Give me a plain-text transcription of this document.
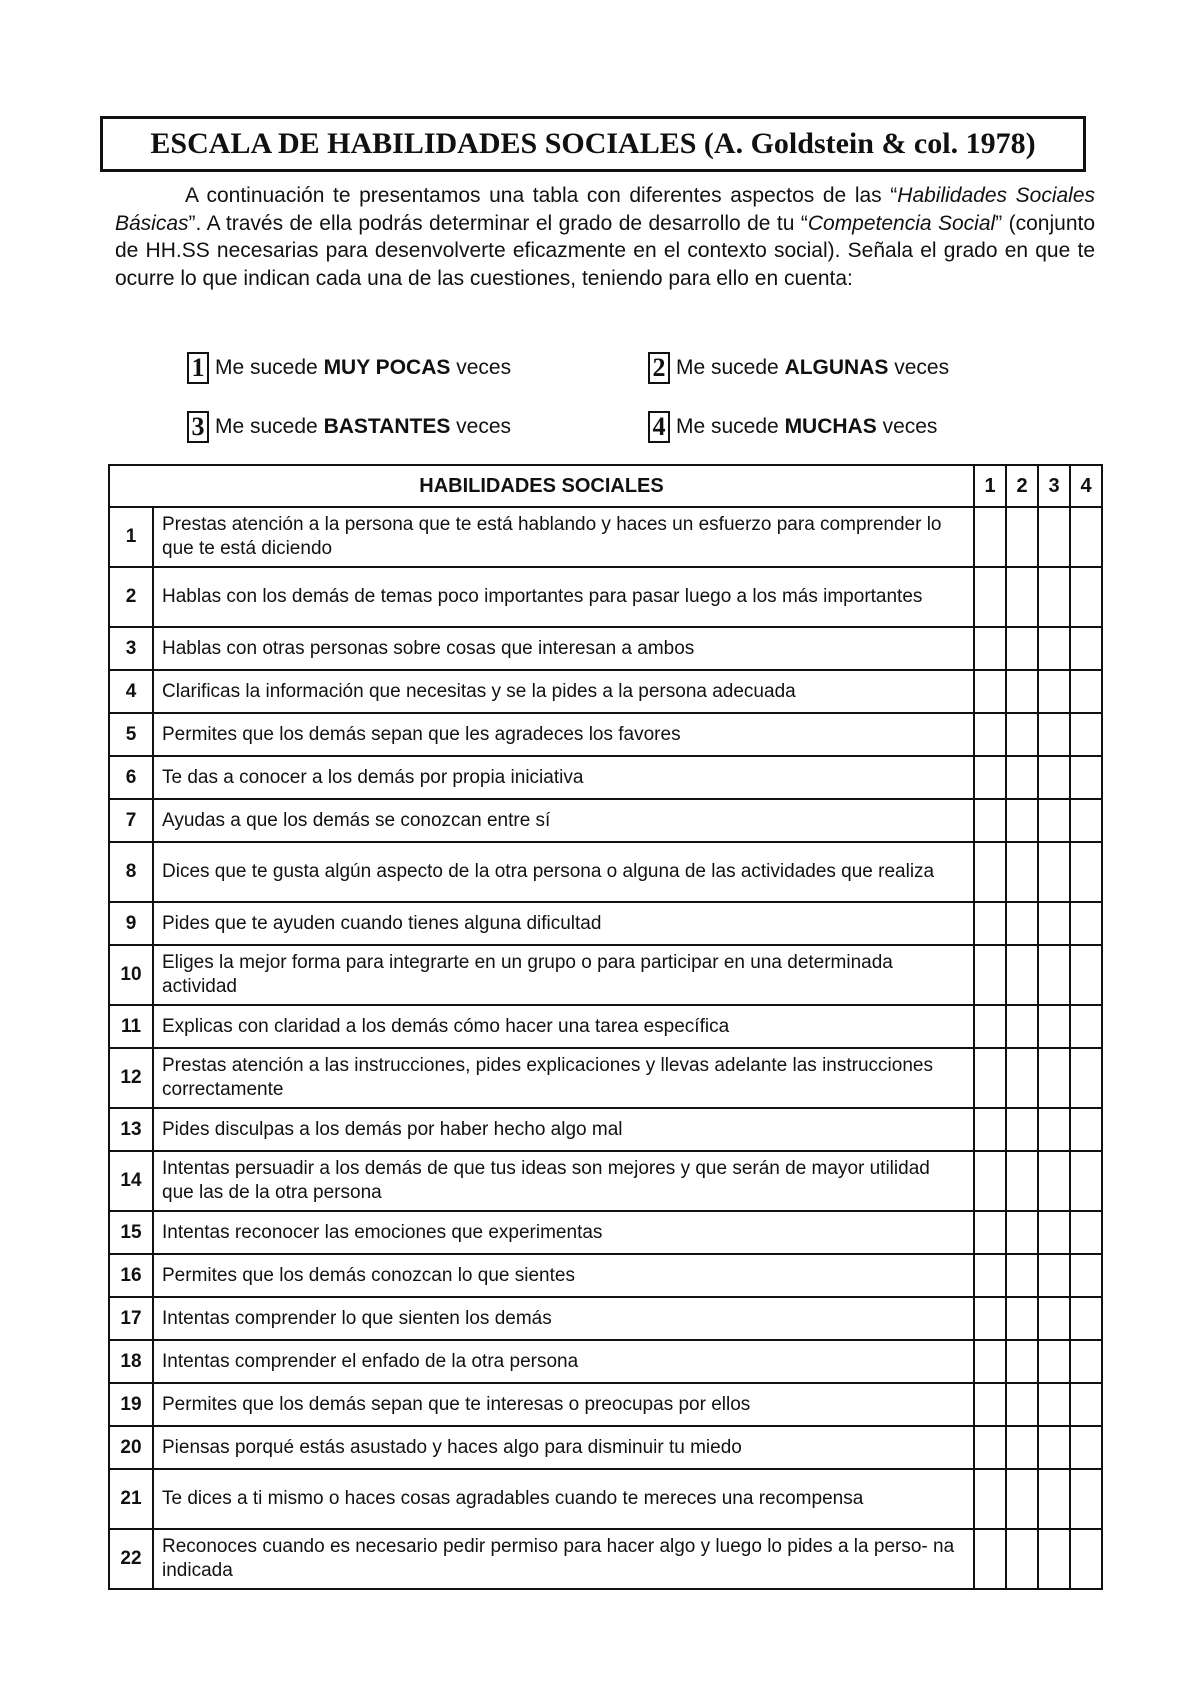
ESCALA DE HABILIDADES SOCIALES (A. Goldstein & col. 1978)
A continuación te presentamos una tabla con diferentes aspectos de las “Habilidades Sociales Básicas”. A través de ella podrás determinar el grado de desarrollo de tu “Competencia Social” (conjunto de HH.SS necesarias para desenvolverte eficazmente en el contexto social). Señala el grado en que te ocurre lo que indican cada una de las cuestiones, teniendo para ello en cuenta:
1 Me sucede MUY POCAS veces	2 Me sucede ALGUNAS veces
3 Me sucede BASTANTES veces	4 Me sucede MUCHAS veces
HABILIDADES SOCIALES		1	2	3	4
1	Prestas atención a la persona que te está hablando y haces un esfuerzo para comprender lo que te está diciendo				
2	Hablas con los demás de temas poco importantes para pasar luego a los más importantes				
3	Hablas con otras personas sobre cosas que interesan a ambos				
4	Clarificas la información que necesitas y se la pides a la persona adecuada				
5	Permites que los demás sepan que les agradeces los favores				
6	Te das a conocer a los demás por propia iniciativa				
7	Ayudas a que los demás se conozcan entre sí				
8	Dices que te gusta algún aspecto de la otra persona o alguna de las actividades que realiza				
9	Pides que te ayuden cuando tienes alguna dificultad				
10	Eliges la mejor forma para integrarte en un grupo o para participar en una determinada actividad				
11	Explicas con claridad a los demás cómo hacer una tarea específica				
12	Prestas atención a las instrucciones, pides explicaciones y llevas adelante las instrucciones correctamente				
13	Pides disculpas a los demás por haber hecho algo mal				
14	Intentas persuadir a los demás de que tus ideas son mejores y que serán de mayor utilidad que las de la otra persona				
15	Intentas reconocer las emociones que experimentas				
16	Permites que los demás conozcan lo que sientes				
17	Intentas comprender lo que sienten los demás				
18	Intentas comprender el enfado de la otra persona				
19	Permites que los demás sepan que te interesas o preocupas por ellos				
20	Piensas porqué estás asustado y haces algo para disminuir tu miedo				
21	Te dices a ti mismo o haces cosas agradables cuando te mereces una recompensa				
22	Reconoces cuando es necesario pedir permiso para hacer algo y luego lo pides a la perso- na indicada				
